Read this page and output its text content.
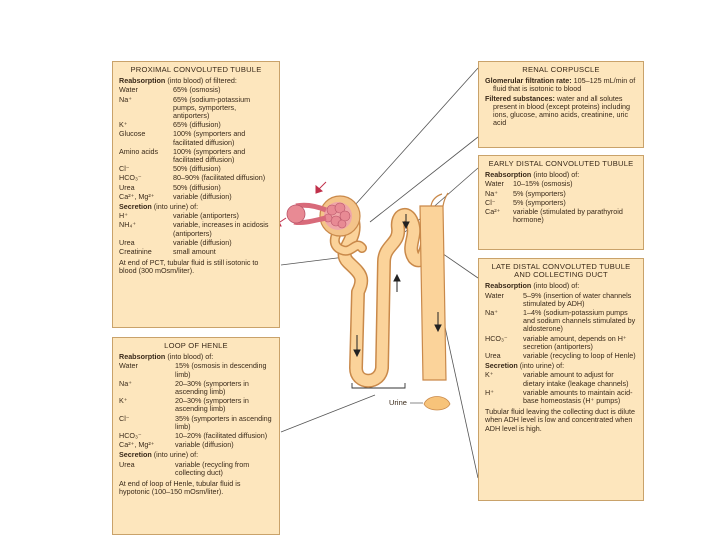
Urine
PROXIMAL CONVOLUTED TUBULE
Reabsorption (into blood) of filtered:
Water	65% (osmosis)
Na⁺	65% (sodium-potassium pumps, symporters, antiporters)
K⁺	65% (diffusion)
Glucose	100% (symporters and facilitated diffusion)
Amino acids	100% (symporters and facilitated diffusion)
Cl⁻	50% (diffusion)
HCO₃⁻	80–90% (facilitated diffusion)
Urea	50% (diffusion)
Ca²⁺, Mg²⁺	variable (diffusion)
Secretion (into urine) of:
H⁺	variable (antiporters)
NH₄⁺	variable, increases in acidosis (antiporters)
Urea	variable (diffusion)
Creatinine	small amount
At end of PCT, tubular fluid is still isotonic to blood (300 mOsm/liter).
LOOP OF HENLE
Reabsorption (into blood) of:
Water	15% (osmosis in descending limb)
Na⁺	20–30% (symporters in ascending limb)
K⁺	20–30% (symporters in ascending limb)
Cl⁻	35% (symporters in ascending limb)
HCO₃⁻	10–20% (facilitated diffusion)
Ca²⁺, Mg²⁺	variable (diffusion)
Secretion (into urine) of:
Urea	variable (recycling from collecting duct)
At end of loop of Henle, tubular fluid is hypotonic (100–150 mOsm/liter).
RENAL CORPUSCLE
Glomerular filtration rate: 105–125 mL/min of fluid that is isotonic to blood
Filtered substances: water and all solutes present in blood (except proteins) including ions, glucose, amino acids, creatinine, uric acid
EARLY DISTAL CONVOLUTED TUBULE
Reabsorption (into blood) of:
Water	10–15% (osmosis)
Na⁺	5% (symporters)
Cl⁻	5% (symporters)
Ca²⁺	variable (stimulated by parathyroid hormone)
LATE DISTAL CONVOLUTED TUBULE AND COLLECTING DUCT
Reabsorption (into blood) of:
Water	5–9% (insertion of water channels stimulated by ADH)
Na⁺	1–4% (sodium-potassium pumps and sodium channels stimulated by aldosterone)
HCO₃⁻	variable amount, depends on H⁺ secretion (antiporters)
Urea	variable (recycling to loop of Henle)
Secretion (into urine) of:
K⁺	variable amount to adjust for dietary intake (leakage channels)
H⁺	variable amounts to maintain acid-base homeostasis (H⁺ pumps)
Tubular fluid leaving the collecting duct is dilute when ADH level is low and concentrated when ADH level is high.
